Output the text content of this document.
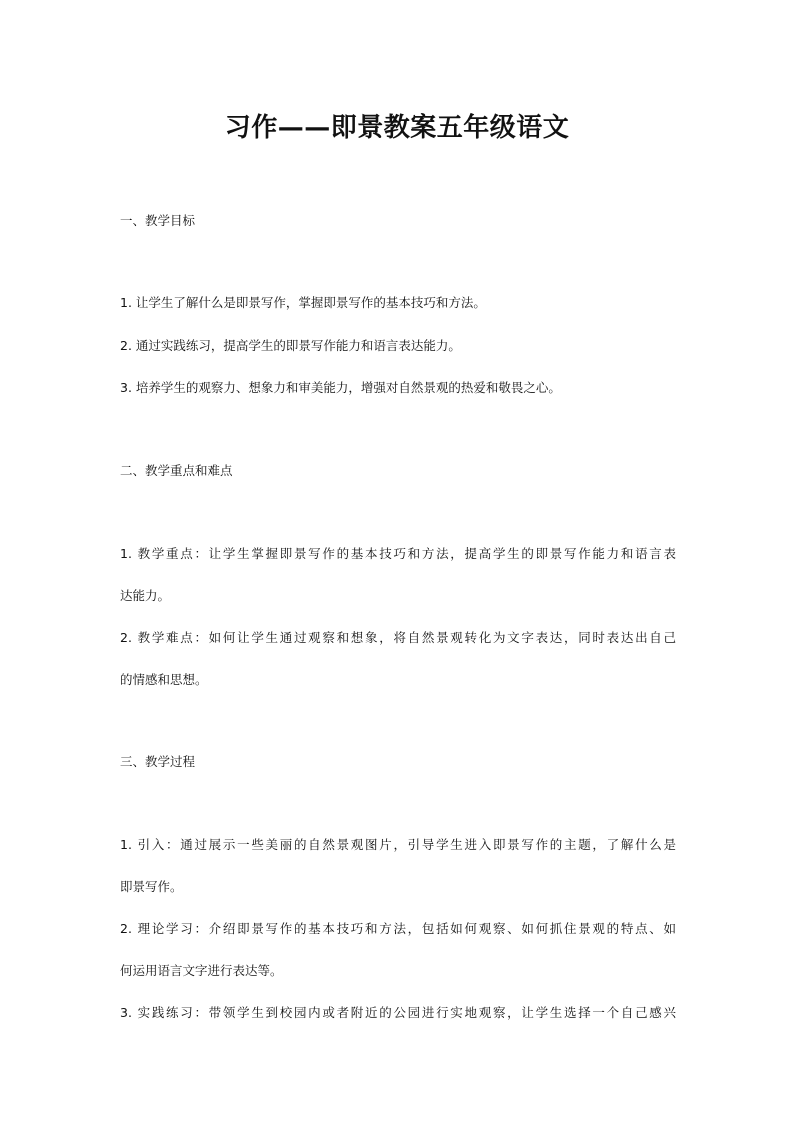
习作——即景教案五年级语文

一、教学目标

1. 让学生了解什么是即景写作，掌握即景写作的基本技巧和方法。

2. 通过实践练习，提高学生的即景写作能力和语言表达能力。

3. 培养学生的观察力、想象力和审美能力，增强对自然景观的热爱和敬畏之心。

二、教学重点和难点

1. 教学重点：让学生掌握即景写作的基本技巧和方法，提高学生的即景写作能力和语言表

达能力。

2. 教学难点：如何让学生通过观察和想象，将自然景观转化为文字表达，同时表达出自己

的情感和思想。

三、教学过程

1. 引入：通过展示一些美丽的自然景观图片，引导学生进入即景写作的主题，了解什么是

即景写作。

2. 理论学习：介绍即景写作的基本技巧和方法，包括如何观察、如何抓住景观的特点、如

何运用语言文字进行表达等。

3. 实践练习：带领学生到校园内或者附近的公园进行实地观察，让学生选择一个自己感兴
